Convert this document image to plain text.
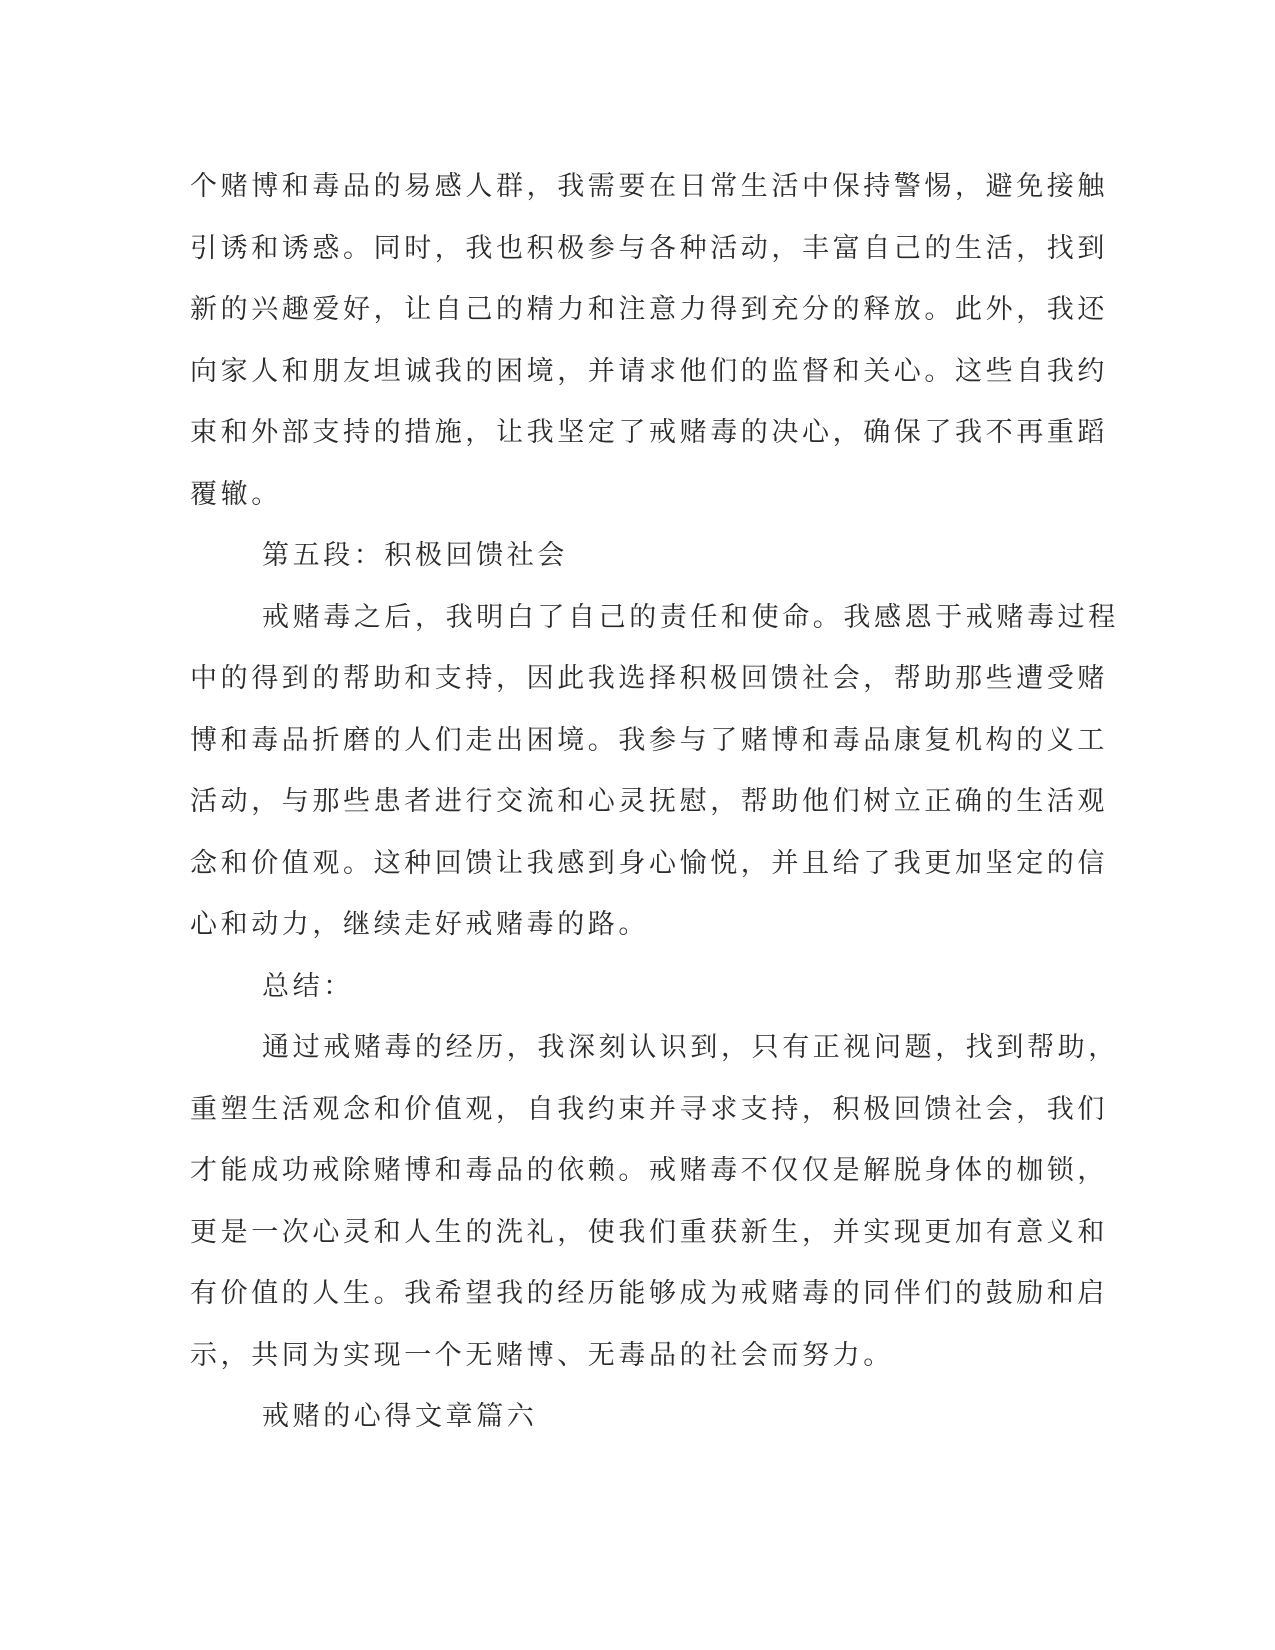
个赌博和毒品的易感人群，我需要在日常生活中保持警惕，避免接触
引诱和诱惑。同时，我也积极参与各种活动，丰富自己的生活，找到
新的兴趣爱好，让自己的精力和注意力得到充分的释放。此外，我还
向家人和朋友坦诚我的困境，并请求他们的监督和关心。这些自我约
束和外部支持的措施，让我坚定了戒赌毒的决心，确保了我不再重蹈
覆辙。
第五段：积极回馈社会
戒赌毒之后，我明白了自己的责任和使命。我感恩于戒赌毒过程
中的得到的帮助和支持，因此我选择积极回馈社会，帮助那些遭受赌
博和毒品折磨的人们走出困境。我参与了赌博和毒品康复机构的义工
活动，与那些患者进行交流和心灵抚慰，帮助他们树立正确的生活观
念和价值观。这种回馈让我感到身心愉悦，并且给了我更加坚定的信
心和动力，继续走好戒赌毒的路。
总结：
通过戒赌毒的经历，我深刻认识到，只有正视问题，找到帮助，
重塑生活观念和价值观，自我约束并寻求支持，积极回馈社会，我们
才能成功戒除赌博和毒品的依赖。戒赌毒不仅仅是解脱身体的枷锁，
更是一次心灵和人生的洗礼，使我们重获新生，并实现更加有意义和
有价值的人生。我希望我的经历能够成为戒赌毒的同伴们的鼓励和启
示，共同为实现一个无赌博、无毒品的社会而努力。
戒赌的心得文章篇六
